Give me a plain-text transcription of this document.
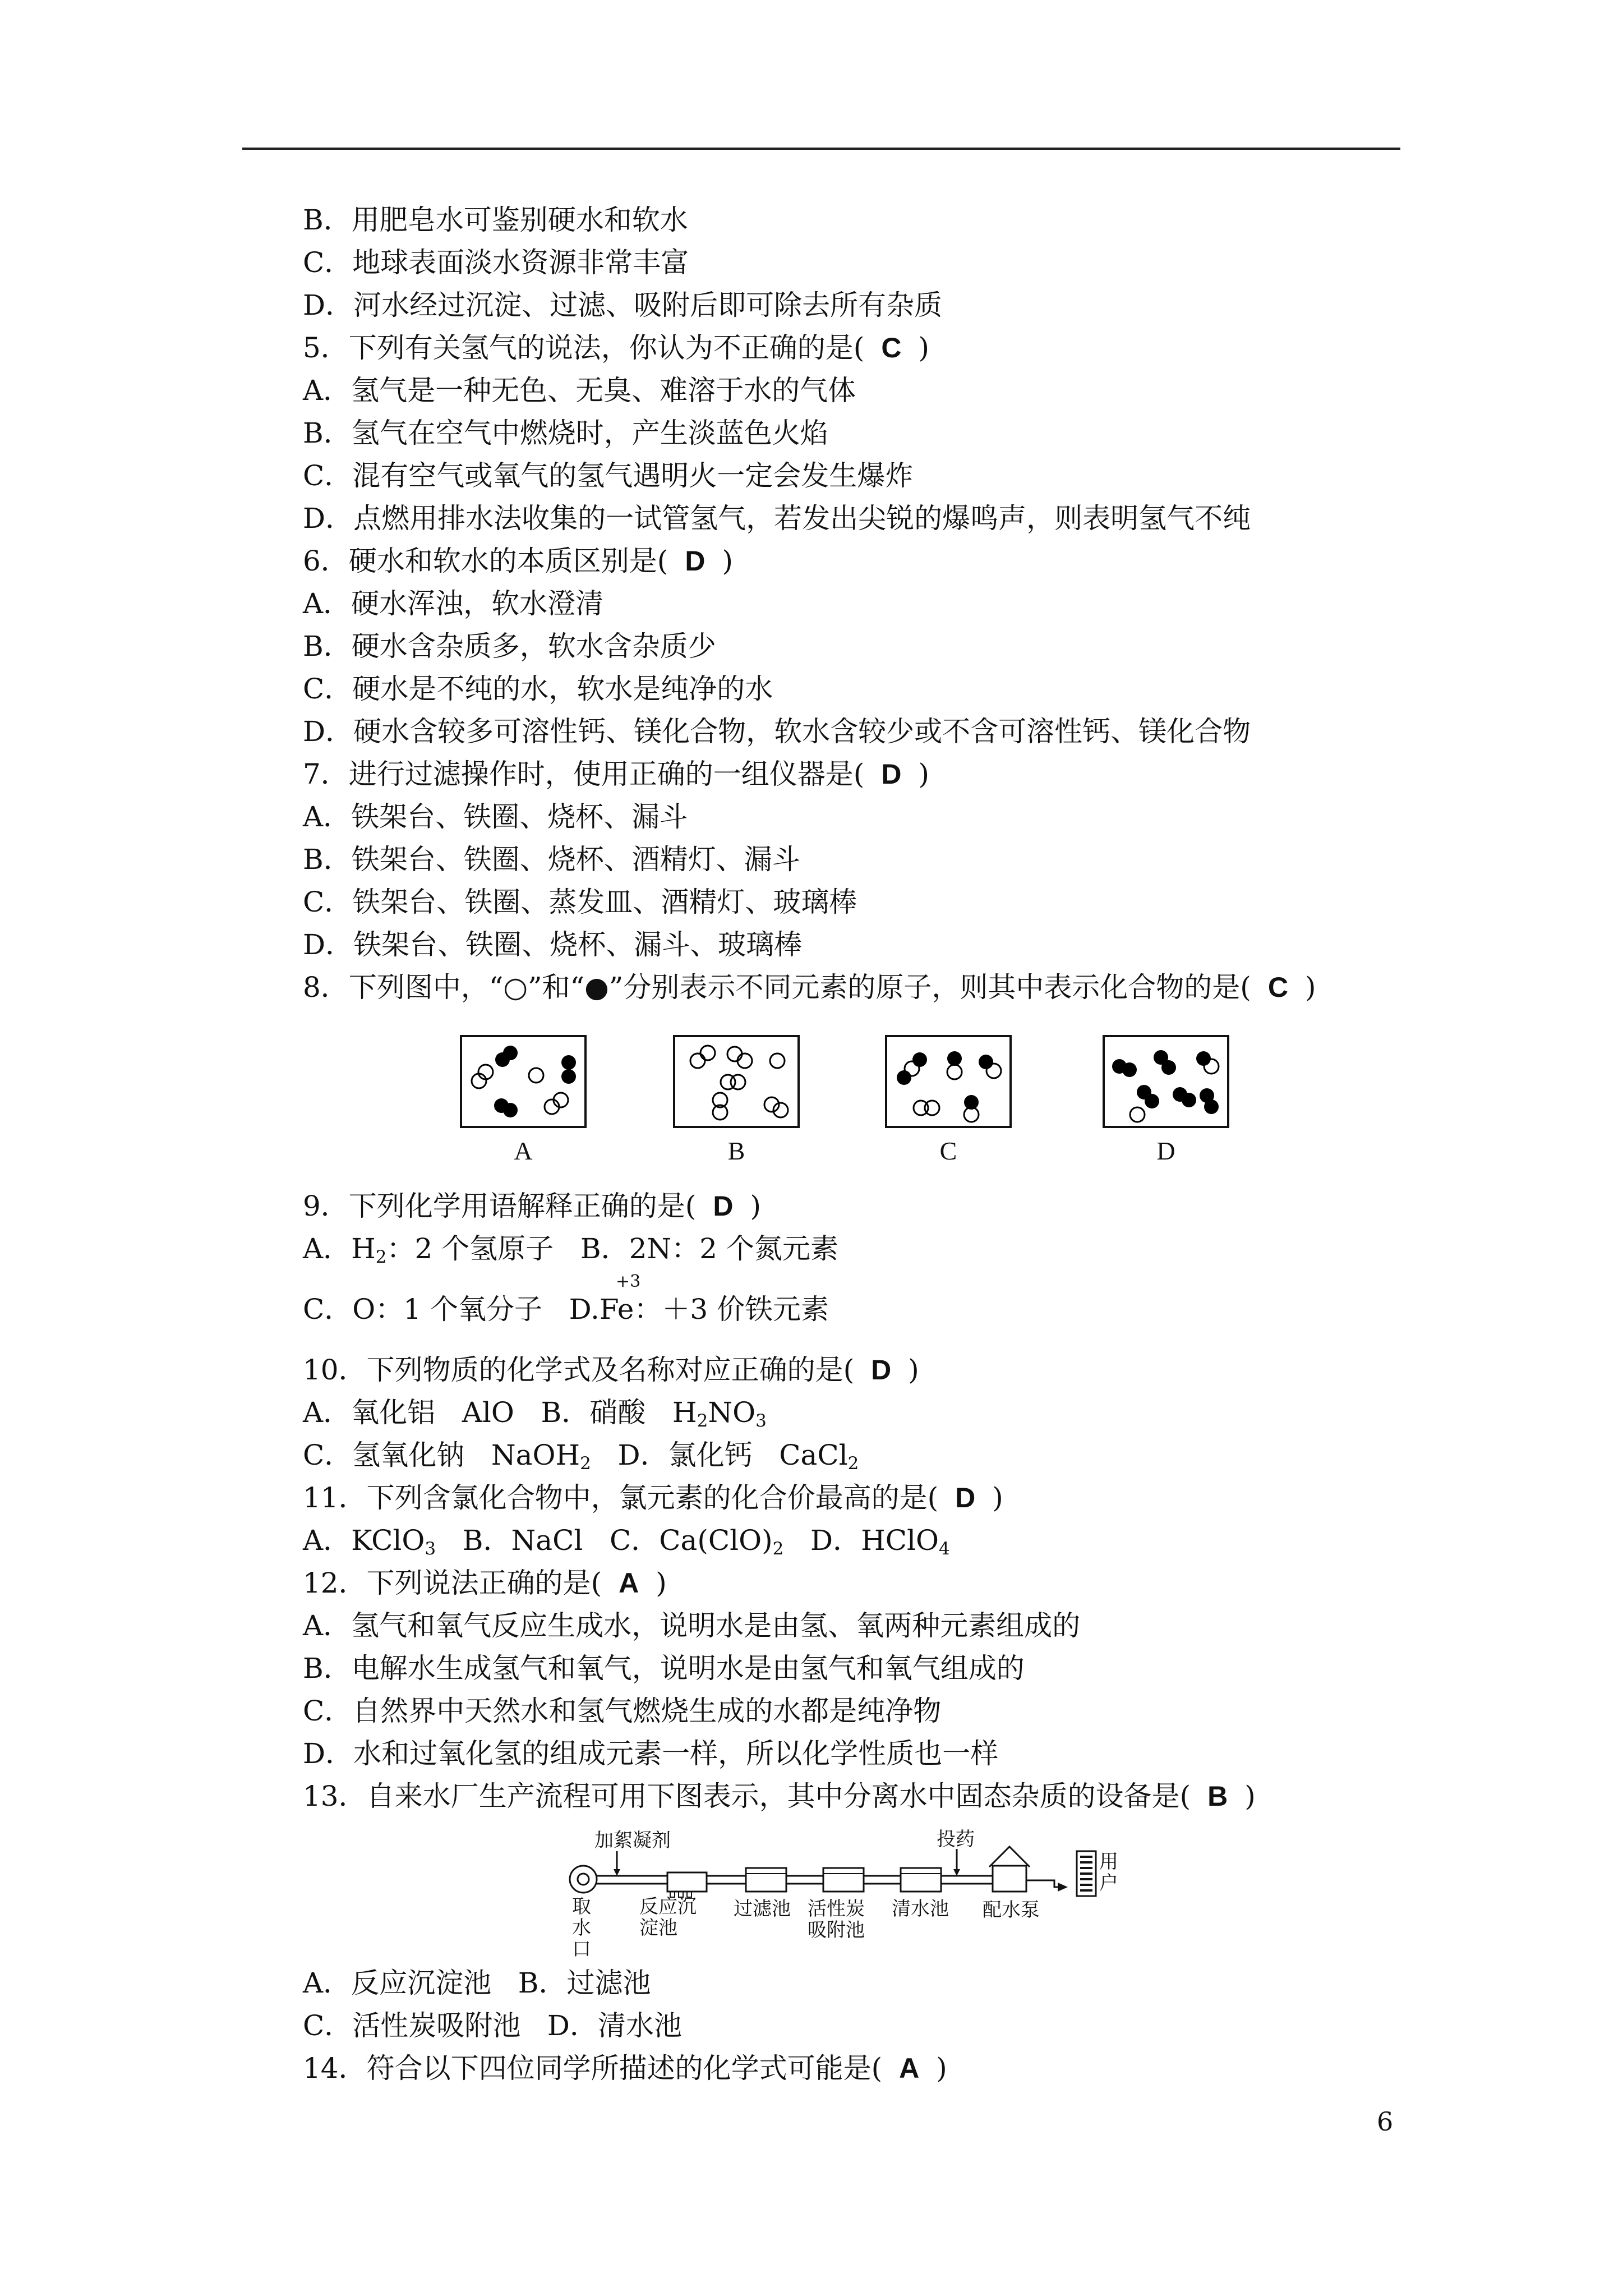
B．用肥皂水可鉴别硬水和软水
C．地球表面淡水资源非常丰富
D．河水经过沉淀、过滤、吸附后即可除去所有杂质
5．下列有关氢气的说法，你认为不正确的是( C )
A．氢气是一种无色、无臭、难溶于水的气体
B．氢气在空气中燃烧时，产生淡蓝色火焰
C．混有空气或氧气的氢气遇明火一定会发生爆炸
D．点燃用排水法收集的一试管氢气，若发出尖锐的爆鸣声，则表明氢气不纯
6．硬水和软水的本质区别是( D )
A．硬水浑浊，软水澄清
B．硬水含杂质多，软水含杂质少
C．硬水是不纯的水，软水是纯净的水
D．硬水含较多可溶性钙、镁化合物，软水含较少或不含可溶性钙、镁化合物
7．进行过滤操作时，使用正确的一组仪器是( D )
A．铁架台、铁圈、烧杯、漏斗
B．铁架台、铁圈、烧杯、酒精灯、漏斗
C．铁架台、铁圈、蒸发皿、酒精灯、玻璃棒
D．铁架台、铁圈、烧杯、漏斗、玻璃棒
8．下列图中，“○”和“●”分别表示不同元素的原子，则其中表示化合物的是( C )
A	B	C	D
9．下列化学用语解释正确的是( D )
A．$H_2$：2 个氢原子   B．2N：2 个氮元素
+3
C．O：1 个氧分子   D.Fe：＋3 价铁元素
10．下列物质的化学式及名称对应正确的是( D )
A．氧化铝   AlO   B．硝酸   $H_2NO_3$
C．氢氧化钠   NaOH$_2$   D．氯化钙   CaCl$_2$
11．下列含氯化合物中，氯元素的化合价最高的是( D )
A．KClO$_3$   B．NaCl   C．$Ca(ClO)_2$   D．HClO$_4$
12．下列说法正确的是( A )
A．氢气和氧气反应生成水，说明水是由氢、氧两种元素组成的
B．电解水生成氢气和氧气，说明水是由氢气和氧气组成的
C．自然界中天然水和氢气燃烧生成的水都是纯净物
D．水和过氧化氢的组成元素一样，所以化学性质也一样
13．自来水厂生产流程可用下图表示，其中分离水中固态杂质的设备是( B )
加絮凝剂	投药
取
水
口
反应沉
淀池
过滤池 活性炭
吸附池
清水池 配水泵
用
户
A．反应沉淀池   B．过滤池
C．活性炭吸附池   D．清水池
14．符合以下四位同学所描述的化学式可能是( A )
6
